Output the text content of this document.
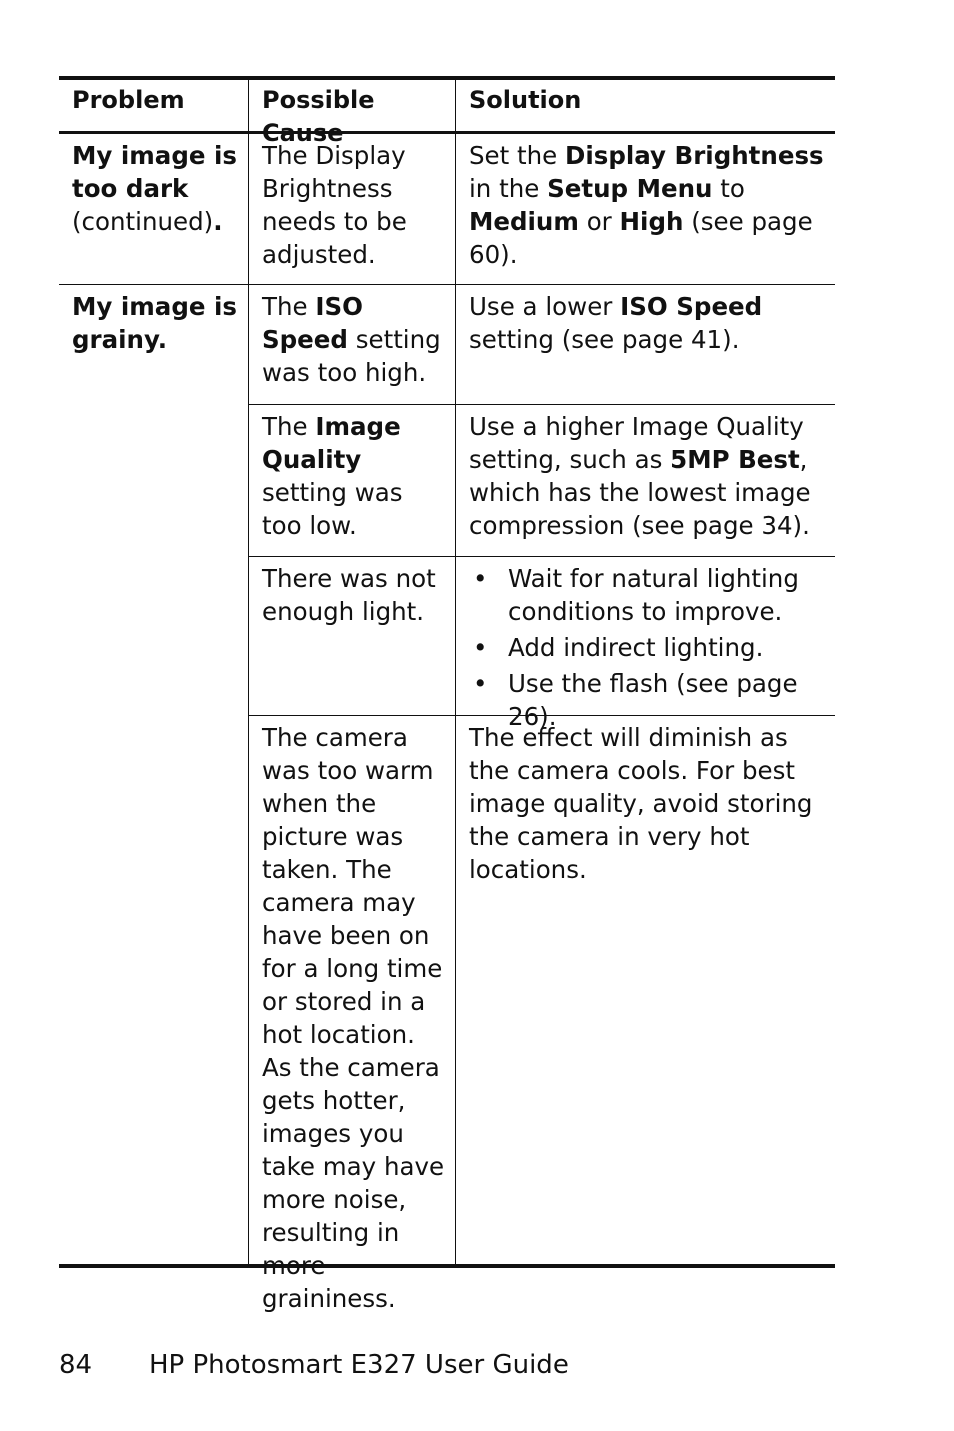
Problem	Possible Cause
Solution
My image is too dark (continued).
The Display Brightness needs to be adjusted.
Set the Display Brightness in the Setup Menu to Medium or High (see page 60).
My image is grainy.
The ISO Speed setting was too high.
Use a lower ISO Speed setting (see page 41).
The Image Quality setting was too low.
Use a higher Image Quality setting, such as 5MP Best, which has the lowest image compression (see page 34).
There was not enough light.
• Wait for natural lighting conditions to improve.
• Add indirect lighting.
• Use the flash (see page 26).
The camera was too warm when the picture was taken. The camera may have been on for a long time or stored in a hot location. As the camera gets hotter, images you take may have more noise, resulting in more graininess.
The effect will diminish as the camera cools. For best image quality, avoid storing the camera in very hot locations.
84 HP Photosmart E327 User Guide
